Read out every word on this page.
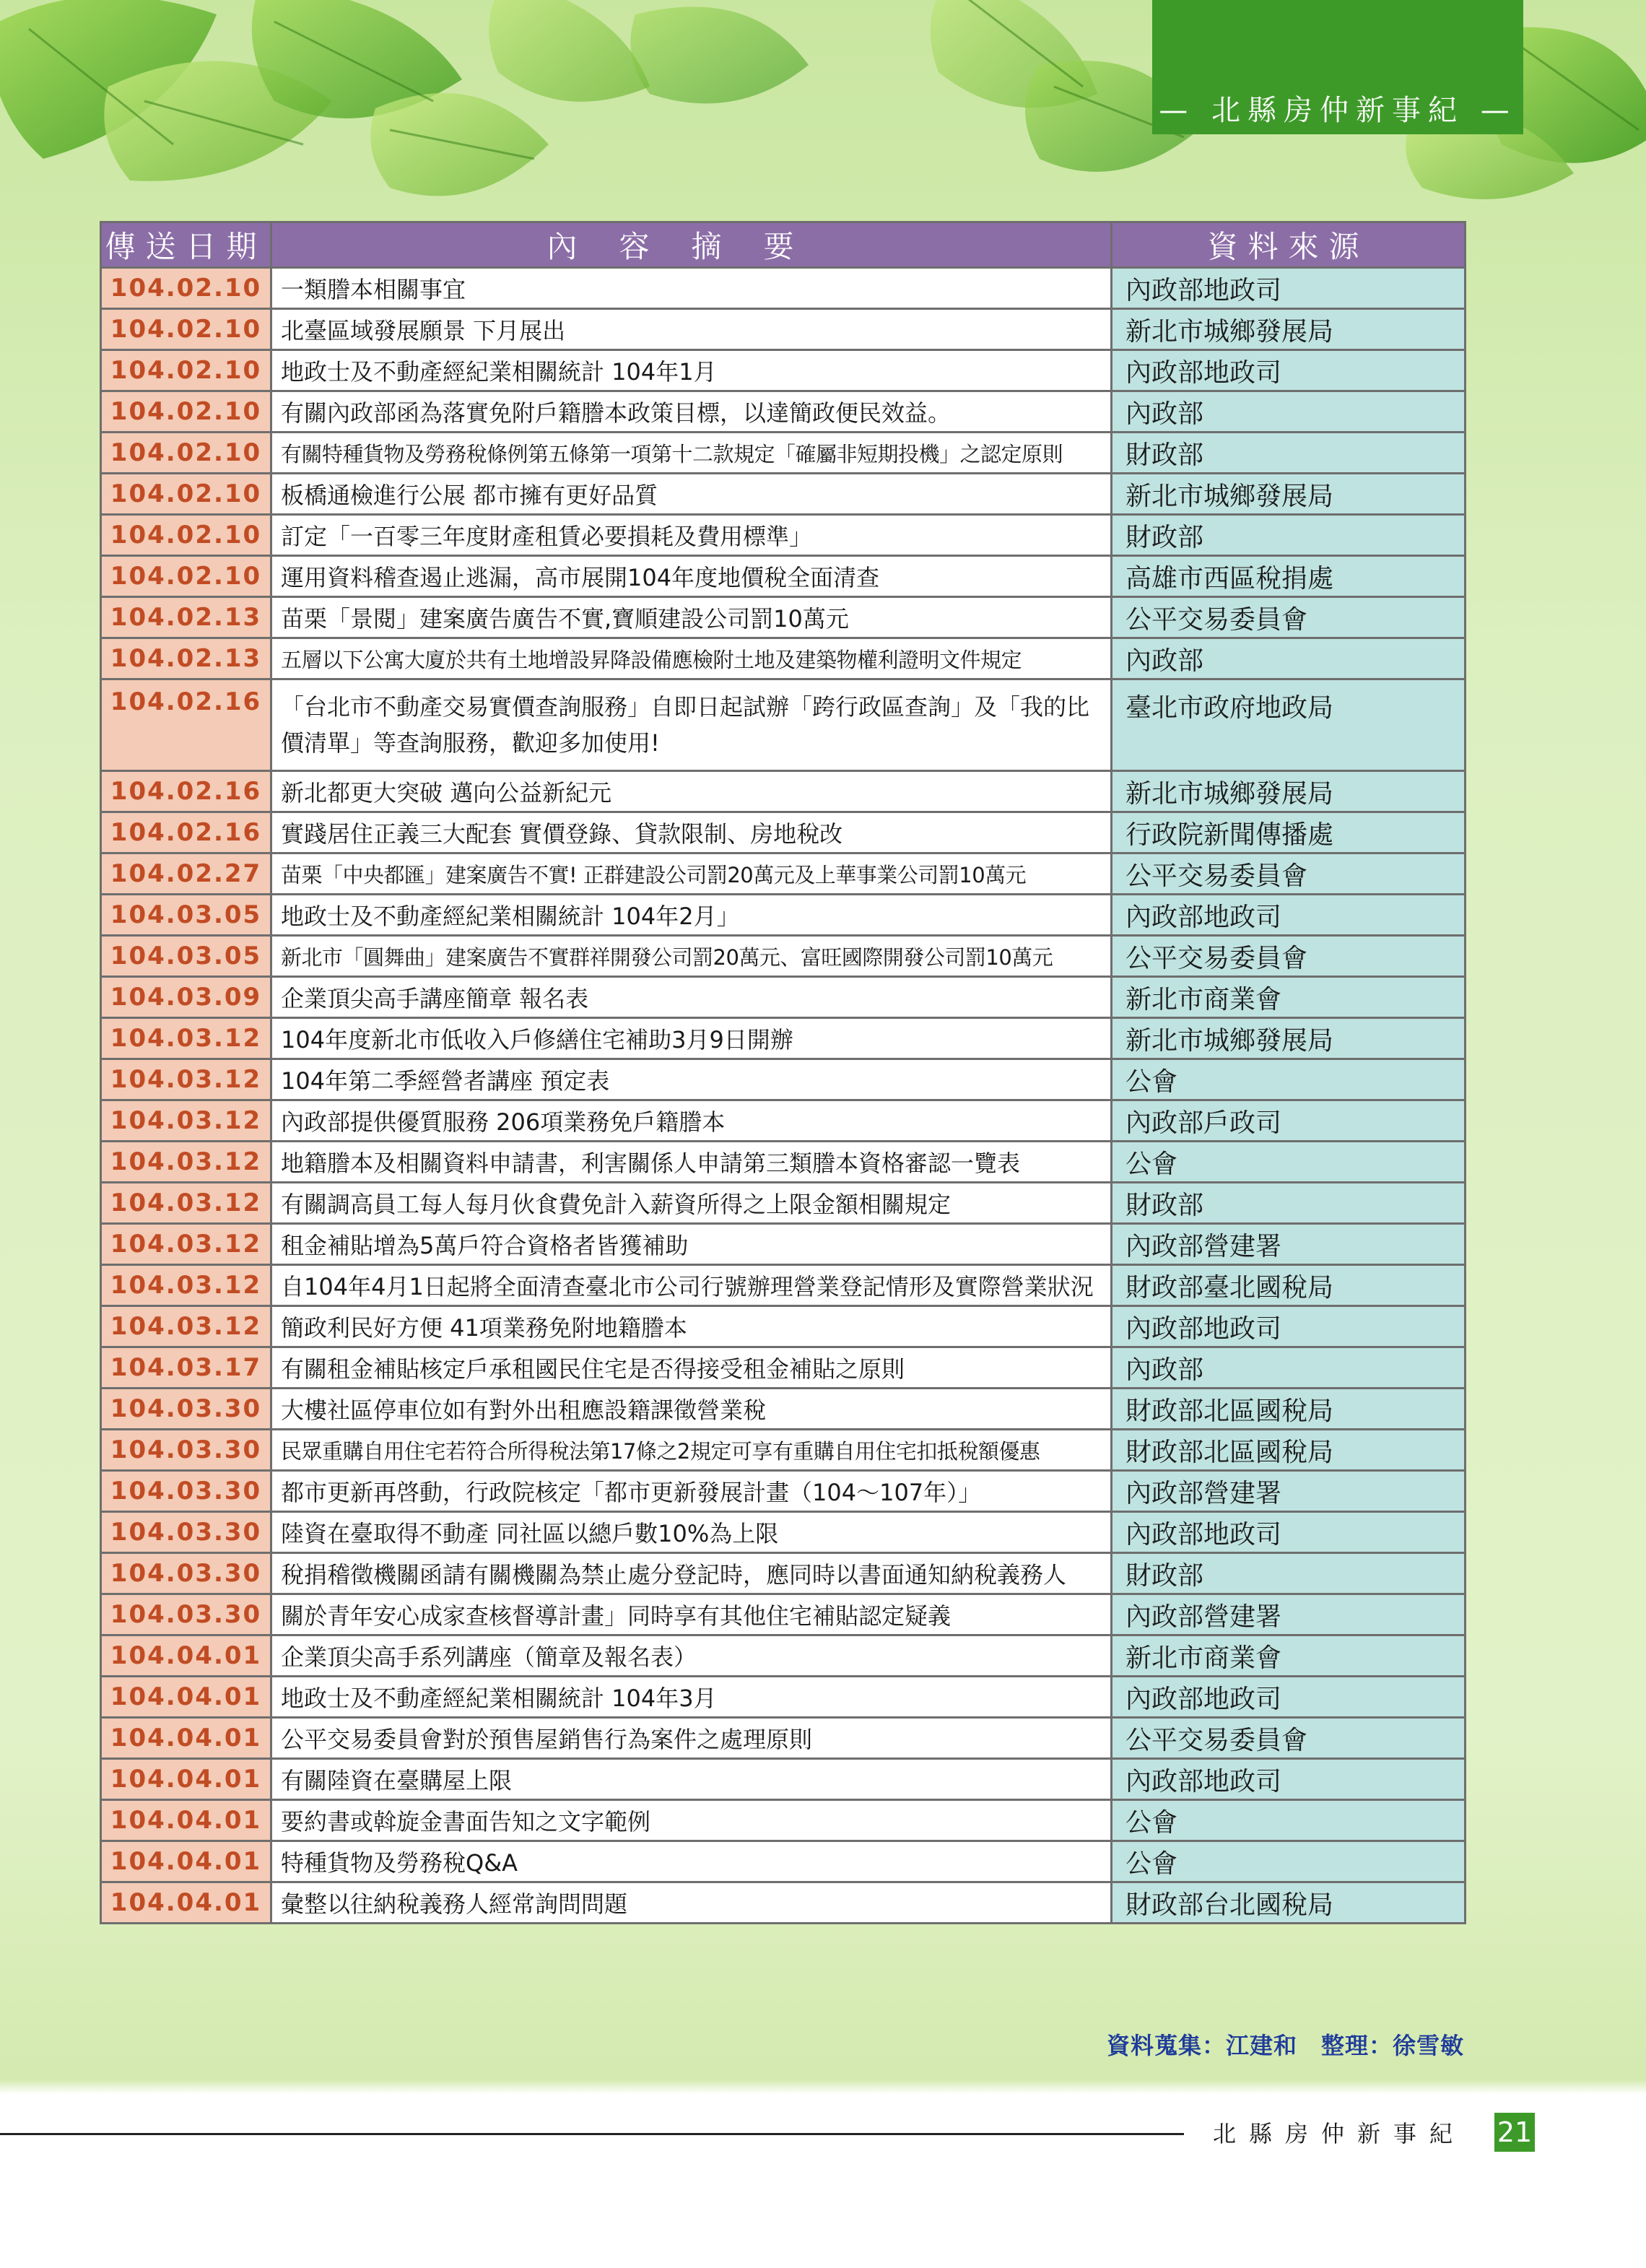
— 北縣房仲新事紀 —
傳送日期	內容摘要	資料來源
104.02.10	一類謄本相關事宜	內政部地政司
104.02.10	北臺區域發展願景 下月展出	新北市城鄉發展局
104.02.10	地政士及不動產經紀業相關統計 104年1月	內政部地政司
104.02.10	有關內政部函為落實免附戶籍謄本政策目標，以達簡政便民效益。	內政部
104.02.10	有關特種貨物及勞務稅條例第五條第一項第十二款規定「確屬非短期投機」之認定原則	財政部
104.02.10	板橋通檢進行公展 都市擁有更好品質	新北市城鄉發展局
104.02.10	訂定「一百零三年度財產租賃必要損耗及費用標準」	財政部
104.02.10	運用資料稽查遏止逃漏，高市展開104年度地價稅全面清查	高雄市西區稅捐處
104.02.13	苗栗「景閱」建案廣告廣告不實,寶順建設公司罰10萬元	公平交易委員會
104.02.13	五層以下公寓大廈於共有土地增設昇降設備應檢附土地及建築物權利證明文件規定	內政部
104.02.16	「台北市不動產交易實價查詢服務」自即日起試辦「跨行政區查詢」及「我的比價清單」等查詢服務，歡迎多加使用!	臺北市政府地政局
104.02.16	新北都更大突破 邁向公益新紀元	新北市城鄉發展局
104.02.16	實踐居住正義三大配套 實價登錄、貸款限制、房地稅改	行政院新聞傳播處
104.02.27	苗栗「中央都匯」建案廣告不實! 正群建設公司罰20萬元及上華事業公司罰10萬元	公平交易委員會
104.03.05	地政士及不動產經紀業相關統計 104年2月」	內政部地政司
104.03.05	新北市「圓舞曲」建案廣告不實群祥開發公司罰20萬元、富旺國際開發公司罰10萬元	公平交易委員會
104.03.09	企業頂尖高手講座簡章 報名表	新北市商業會
104.03.12	104年度新北市低收入戶修繕住宅補助3月9日開辦	新北市城鄉發展局
104.03.12	104年第二季經營者講座 預定表	公會
104.03.12	內政部提供優質服務 206項業務免戶籍謄本	內政部戶政司
104.03.12	地籍謄本及相關資料申請書，利害關係人申請第三類謄本資格審認一覽表	公會
104.03.12	有關調高員工每人每月伙食費免計入薪資所得之上限金額相關規定	財政部
104.03.12	租金補貼增為5萬戶符合資格者皆獲補助	內政部營建署
104.03.12	自104年4月1日起將全面清查臺北市公司行號辦理營業登記情形及實際營業狀況	財政部臺北國稅局
104.03.12	簡政利民好方便 41項業務免附地籍謄本	內政部地政司
104.03.17	有關租金補貼核定戶承租國民住宅是否得接受租金補貼之原則	內政部
104.03.30	大樓社區停車位如有對外出租應設籍課徵營業稅	財政部北區國稅局
104.03.30	民眾重購自用住宅若符合所得稅法第17條之2規定可享有重購自用住宅扣抵稅額優惠	財政部北區國稅局
104.03.30	都市更新再啓動，行政院核定「都市更新發展計畫（104～107年）」	內政部營建署
104.03.30	陸資在臺取得不動產 同社區以總戶數10%為上限	內政部地政司
104.03.30	稅捐稽徵機關函請有關機關為禁止處分登記時，應同時以書面通知納稅義務人	財政部
104.03.30	關於青年安心成家查核督導計畫」同時享有其他住宅補貼認定疑義	內政部營建署
104.04.01	企業頂尖高手系列講座（簡章及報名表）	新北市商業會
104.04.01	地政士及不動產經紀業相關統計 104年3月	內政部地政司
104.04.01	公平交易委員會對於預售屋銷售行為案件之處理原則	公平交易委員會
104.04.01	有關陸資在臺購屋上限	內政部地政司
104.04.01	要約書或斡旋金書面告知之文字範例	公會
104.04.01	特種貨物及勞務稅Q&A	公會
104.04.01	彙整以往納稅義務人經常詢問問題	財政部台北國稅局
資料蒐集：江建和　整理：徐雪敏
北縣房仲新事紀 21
